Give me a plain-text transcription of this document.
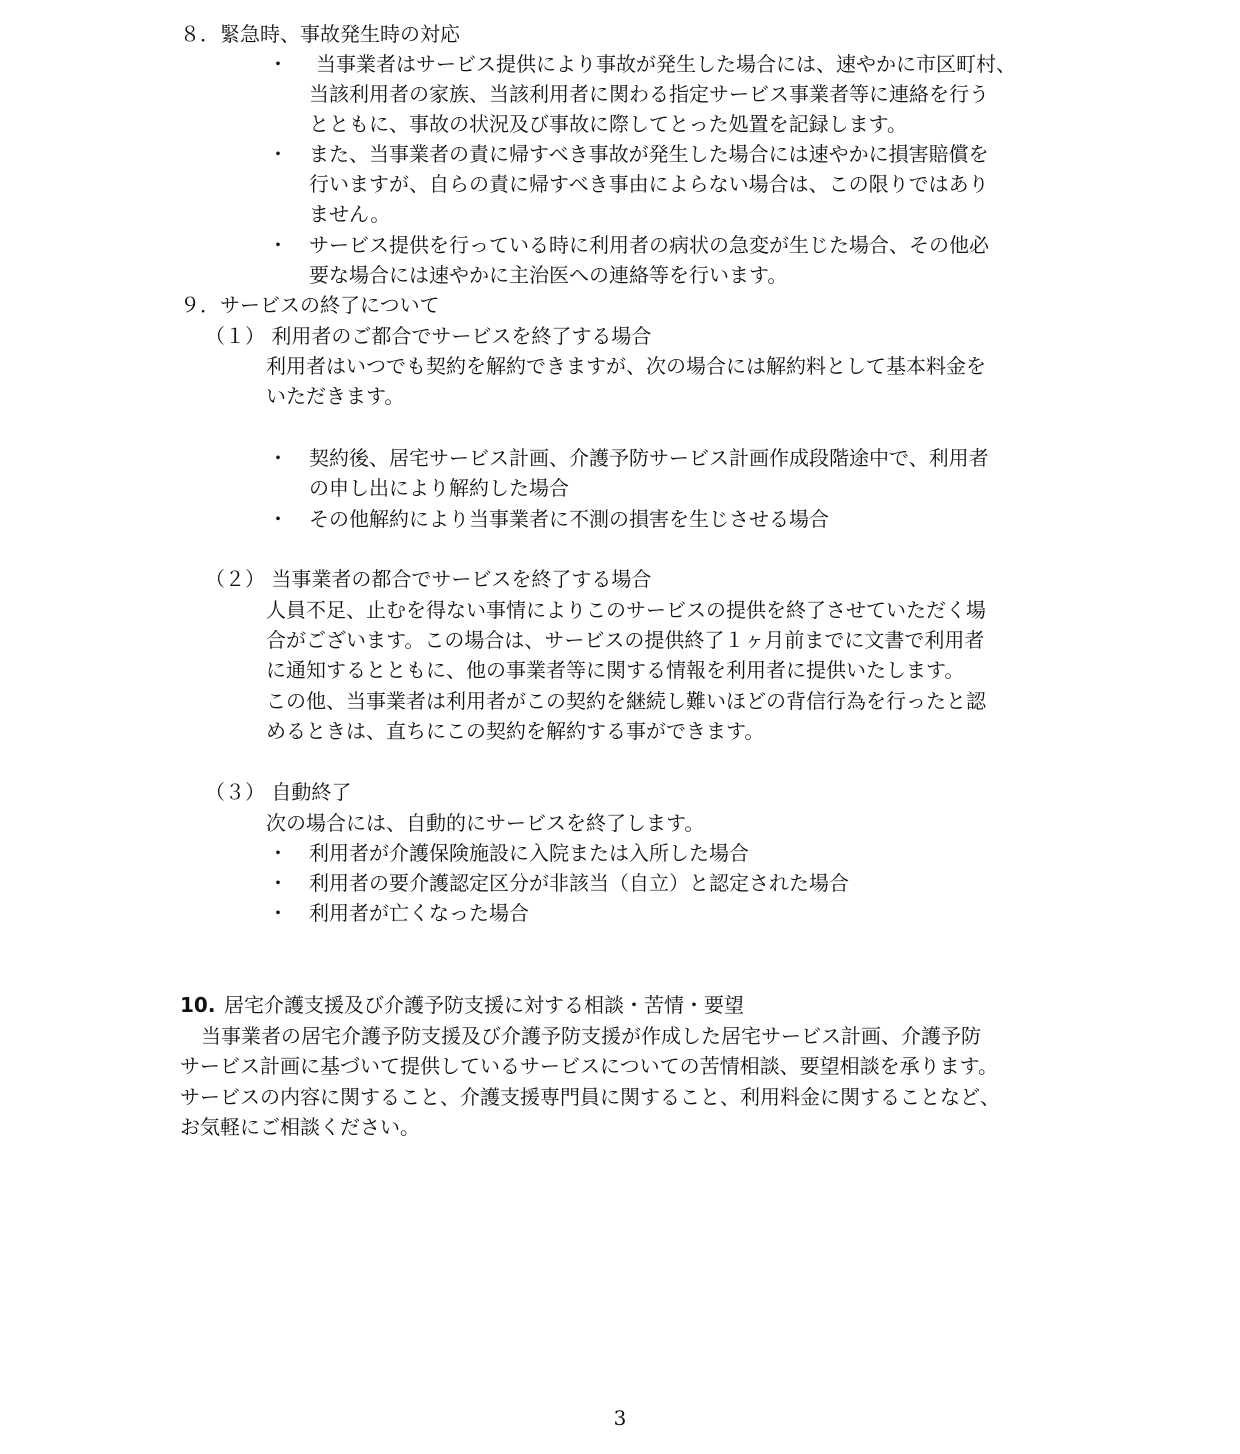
８．緊急時、事故発生時の対応
・ 当事業者はサービス提供により事故が発生した場合には、速やかに市区町村、
当該利用者の家族、当該利用者に関わる指定サービス事業者等に連絡を行う
とともに、事故の状況及び事故に際してとった処置を記録します。
・ また、当事業者の責に帰すべき事故が発生した場合には速やかに損害賠償を
行いますが、自らの責に帰すべき事由によらない場合は、この限りではあり
ません。
・ サービス提供を行っている時に利用者の病状の急変が生じた場合、その他必
要な場合には速やかに主治医への連絡等を行います。
９．サービスの終了について
（１） 利用者のご都合でサービスを終了する場合
利用者はいつでも契約を解約できますが、次の場合には解約料として基本料金を
いただきます。
・ 契約後、居宅サービス計画、介護予防サービス計画作成段階途中で、利用者
の申し出により解約した場合
・ その他解約により当事業者に不測の損害を生じさせる場合
（２） 当事業者の都合でサービスを終了する場合
人員不足、止むを得ない事情によりこのサービスの提供を終了させていただく場
合がございます。この場合は、サービスの提供終了１ヶ月前までに文書で利用者
に通知するとともに、他の事業者等に関する情報を利用者に提供いたします。
この他、当事業者は利用者がこの契約を継続し難いほどの背信行為を行ったと認
めるときは、直ちにこの契約を解約する事ができます。
（３） 自動終了
次の場合には、自動的にサービスを終了します。
・ 利用者が介護保険施設に入院または入所した場合
・ 利用者の要介護認定区分が非該当（自立）と認定された場合
・ 利用者が亡くなった場合
10. 居宅介護支援及び介護予防支援に対する相談・苦情・要望
当事業者の居宅介護予防支援及び介護予防支援が作成した居宅サービス計画、介護予防
サービス計画に基づいて提供しているサービスについての苦情相談、要望相談を承ります。
サービスの内容に関すること、介護支援専門員に関すること、利用料金に関することなど、
お気軽にご相談ください。
3
